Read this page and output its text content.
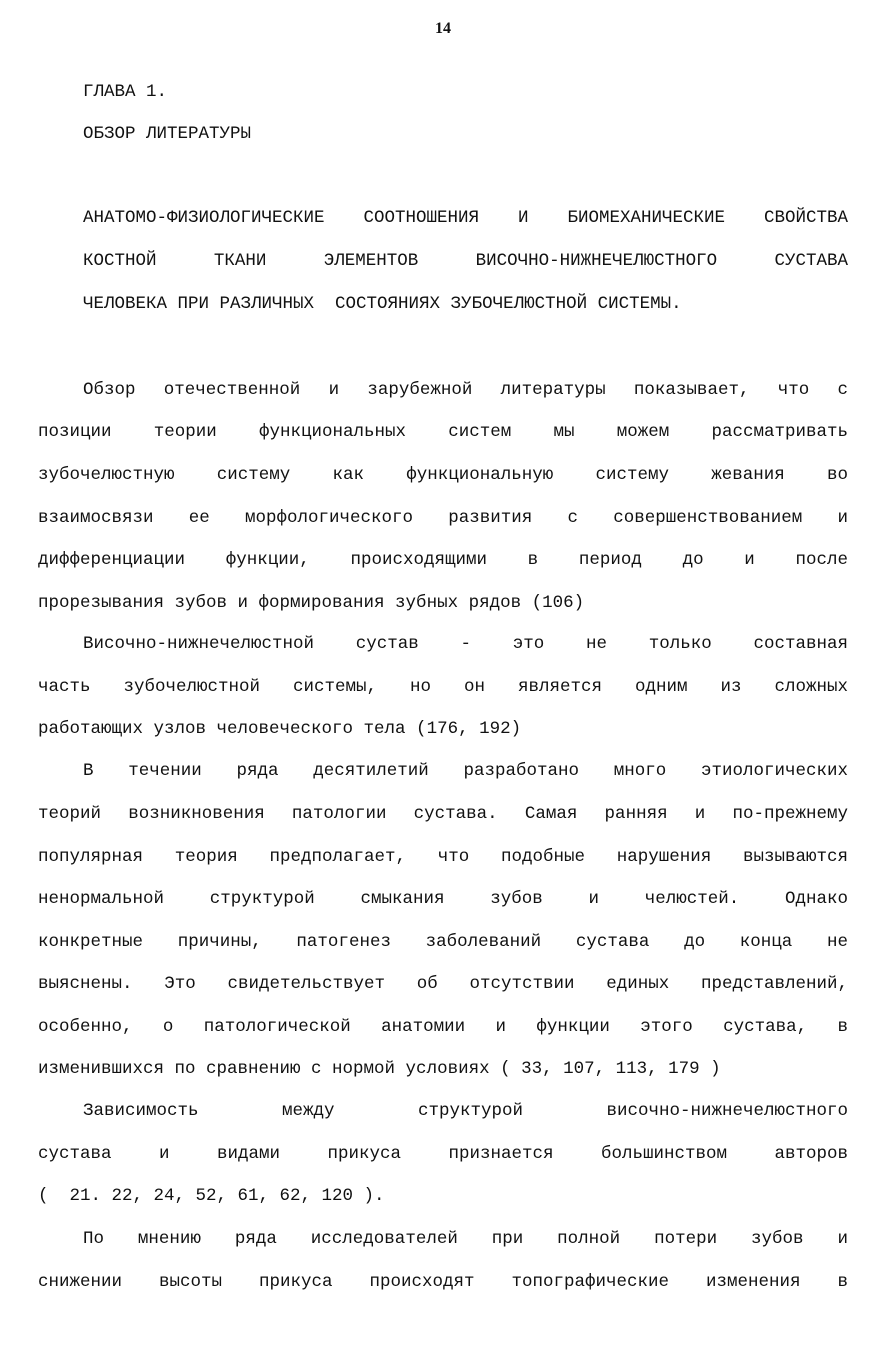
14
ГЛАВА 1.
ОБЗОР ЛИТЕРАТУРЫ
АНАТОМО-ФИЗИОЛОГИЧЕСКИЕ СООТНОШЕНИЯ И БИОМЕХАНИЧЕСКИЕ СВОЙСТВА
КОСТНОЙ ТКАНИ ЭЛЕМЕНТОВ ВИСОЧНО-НИЖНЕЧЕЛЮСТНОГО СУСТАВА
ЧЕЛОВЕКА ПРИ РАЗЛИЧНЫХ  СОСТОЯНИЯХ ЗУБОЧЕЛЮСТНОЙ СИСТЕМЫ.
Обзор отечественной и зарубежной литературы показывает, что с
позиции теории функциональных систем мы можем рассматривать
зубочелюстную систему как функциональную систему жевания во
взаимосвязи ее морфологического развития с совершенствованием и
дифференциации функции, происходящими в период до и после
прорезывания зубов и формирования зубных рядов (106)
Височно-нижнечелюстной сустав - это не только составная
часть зубочелюстной системы, но он является одним из сложных
работающих узлов человеческого тела (176, 192)
В течении ряда десятилетий разработано много этиологических
теорий возникновения патологии сустава. Самая ранняя и по-прежнему
популярная теория предполагает, что подобные нарушения вызываются
ненормальной структурой смыкания зубов и челюстей. Однако
конкретные причины, патогенез заболеваний сустава до конца не
выяснены. Это свидетельствует об отсутствии единых представлений,
особенно, о патологической анатомии и функции этого сустава, в
изменившихся по сравнению с нормой условиях ( 33, 107, 113, 179 )
Зависимость между структурой височно-нижнечелюстного
сустава и видами прикуса признается большинством авторов
(  21. 22, 24, 52, 61, 62, 120 ).
По мнению ряда исследователей при полной потери зубов и
снижении высоты прикуса происходят топографические изменения в
